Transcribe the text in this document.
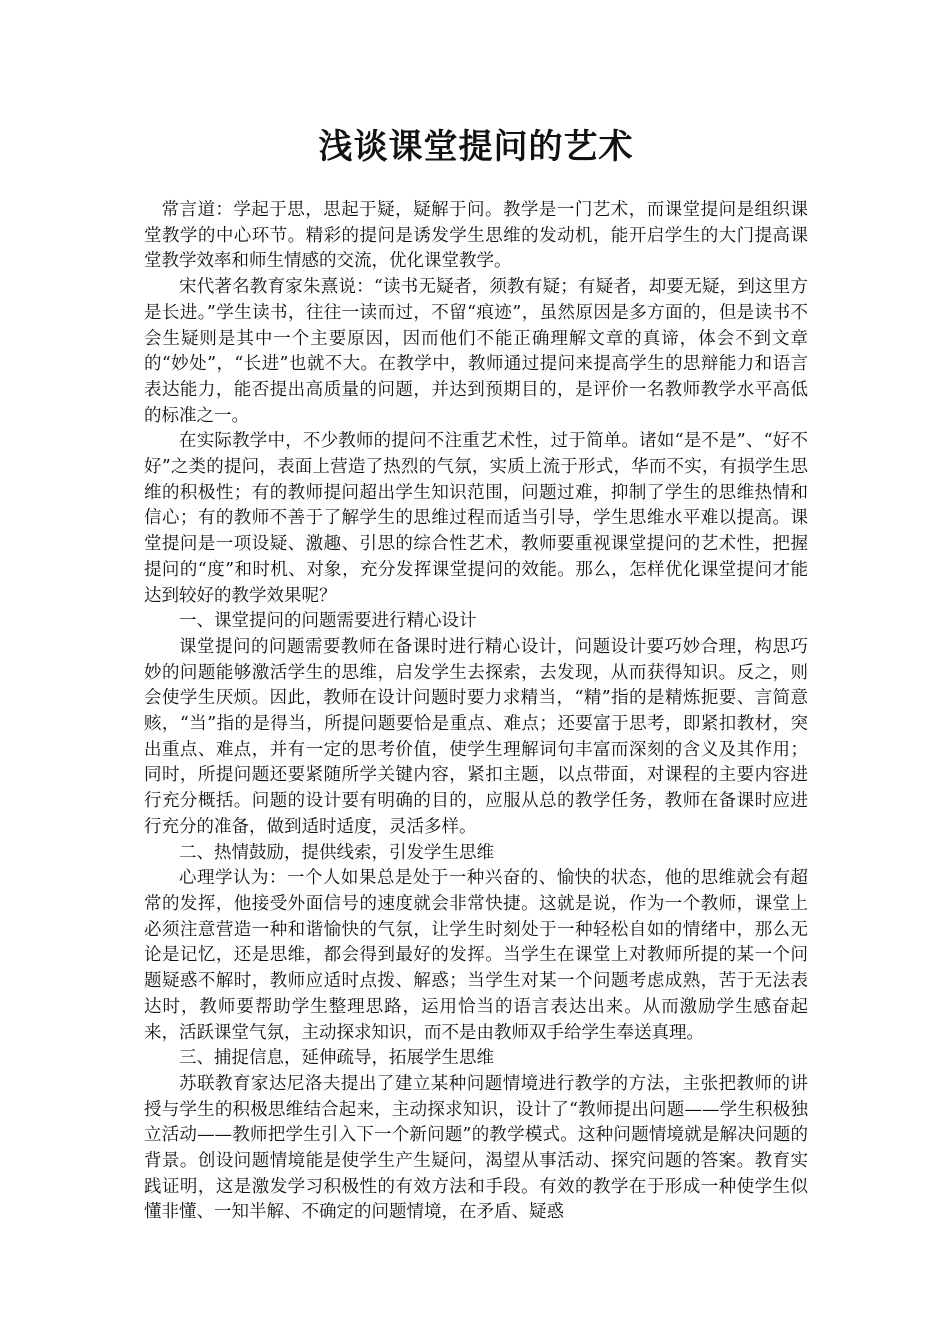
浅谈课堂提问的艺术

常言道：学起于思，思起于疑，疑解于问。教学是一门艺术，而课堂提问是组织课堂教学的中心环节。精彩的提问是诱发学生思维的发动机，能开启学生的大门提高课堂教学效率和师生情感的交流，优化课堂教学。

宋代著名教育家朱熹说：“读书无疑者，须教有疑；有疑者，却要无疑，到这里方是长进。”学生读书，往往一读而过，不留“痕迹”，虽然原因是多方面的，但是读书不会生疑则是其中一个主要原因，因而他们不能正确理解文章的真谛，体会不到文章的“妙处”，“长进”也就不大。在教学中，教师通过提问来提高学生的思辩能力和语言表达能力，能否提出高质量的问题，并达到预期目的，是评价一名教师教学水平高低的标准之一。

在实际教学中，不少教师的提问不注重艺术性，过于简单。诸如“是不是”、“好不好”之类的提问，表面上营造了热烈的气氛，实质上流于形式，华而不实，有损学生思维的积极性；有的教师提问超出学生知识范围，问题过难，抑制了学生的思维热情和信心；有的教师不善于了解学生的思维过程而适当引导，学生思维水平难以提高。课堂提问是一项设疑、激趣、引思的综合性艺术，教师要重视课堂提问的艺术性，把握提问的“度”和时机、对象，充分发挥课堂提问的效能。那么，怎样优化课堂提问才能达到较好的教学效果呢？

一、课堂提问的问题需要进行精心设计

课堂提问的问题需要教师在备课时进行精心设计，问题设计要巧妙合理，构思巧妙的问题能够激活学生的思维，启发学生去探索，去发现，从而获得知识。反之，则会使学生厌烦。因此，教师在设计问题时要力求精当，“精”指的是精炼扼要、言简意赅，“当”指的是得当，所提问题要恰是重点、难点；还要富于思考，即紧扣教材，突出重点、难点，并有一定的思考价值，使学生理解词句丰富而深刻的含义及其作用；同时，所提问题还要紧随所学关键内容，紧扣主题，以点带面，对课程的主要内容进行充分概括。问题的设计要有明确的目的，应服从总的教学任务，教师在备课时应进行充分的准备，做到适时适度，灵活多样。

二、热情鼓励，提供线索，引发学生思维

心理学认为：一个人如果总是处于一种兴奋的、愉快的状态，他的思维就会有超常的发挥，他接受外面信号的速度就会非常快捷。这就是说，作为一个教师，课堂上必须注意营造一种和谐愉快的气氛，让学生时刻处于一种轻松自如的情绪中，那么无论是记忆，还是思维，都会得到最好的发挥。当学生在课堂上对教师所提的某一个问题疑惑不解时，教师应适时点拨、解惑；当学生对某一个问题考虑成熟，苦于无法表达时，教师要帮助学生整理思路，运用恰当的语言表达出来。从而激励学生感奋起来，活跃课堂气氛，主动探求知识，而不是由教师双手给学生奉送真理。

三、捕捉信息，延伸疏导，拓展学生思维

苏联教育家达尼洛夫提出了建立某种问题情境进行教学的方法，主张把教师的讲授与学生的积极思维结合起来，主动探求知识，设计了“教师提出问题——学生积极独立活动——教师把学生引入下一个新问题”的教学模式。这种问题情境就是解决问题的背景。创设问题情境能是使学生产生疑问，渴望从事活动、探究问题的答案。教育实践证明，这是激发学习积极性的有效方法和手段。有效的教学在于形成一种使学生似懂非懂、一知半解、不确定的问题情境，在矛盾、疑惑
